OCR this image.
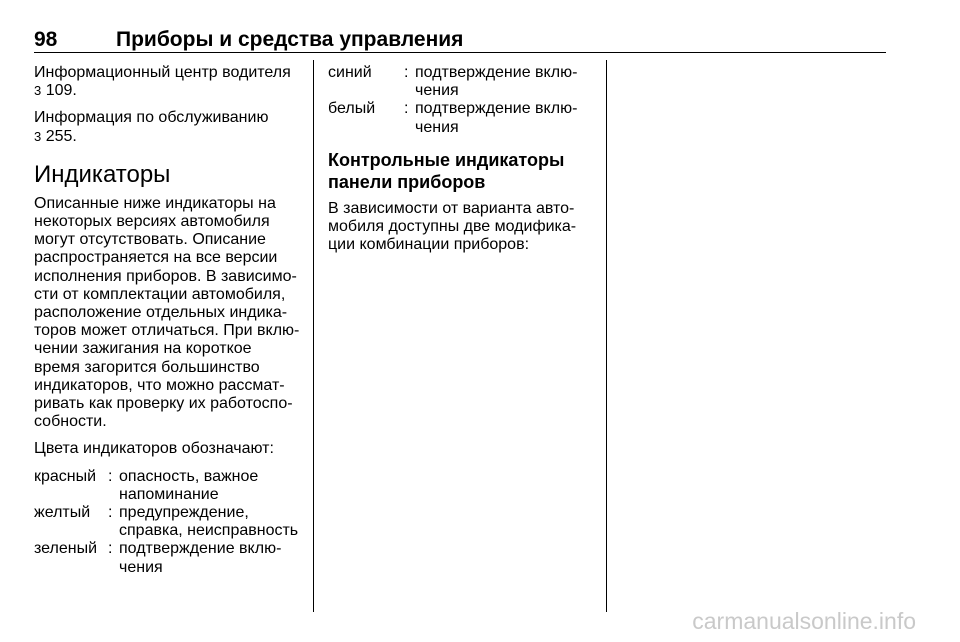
98	Приборы и средства управления

Информационный центр водителя
3 109.

Информация по обслуживанию
3 255.

Индикаторы

Описанные ниже индикаторы на
некоторых версиях автомобиля
могут отсутствовать. Описание
распространяется на все версии
исполнения приборов. В зависимо-
сти от комплектации автомобиля,
расположение отдельных индика-
торов может отличаться. При вклю-
чении зажигания на короткое
время загорится большинство
индикаторов, что можно рассмат-
ривать как проверку их работоспо-
собности.

Цвета индикаторов обозначают:

красный : опасность, важное
напоминание
желтый	: предупреждение,
справка, неисправность
зеленый : подтверждение вклю-
чения
синий	: подтверждение вклю-
чения
белый	: подтверждение вклю-
чения

Контрольные индикаторы
панели приборов

В зависимости от варианта авто-
мобиля доступны две модифика-
ции комбинации приборов:

carmanualsonline.info
